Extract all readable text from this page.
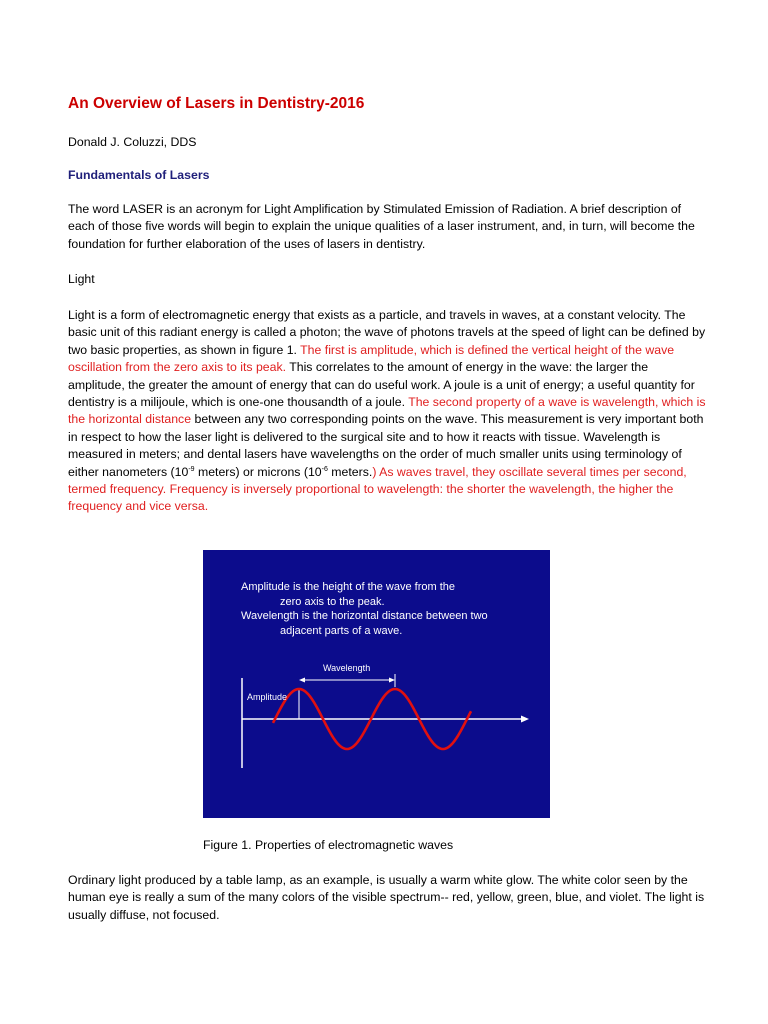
An Overview of Lasers in Dentistry-2016
Donald J. Coluzzi, DDS
Fundamentals of Lasers
The word LASER is an acronym for Light Amplification by Stimulated Emission of Radiation. A brief description of each of those five words will begin to explain the unique qualities of a laser instrument, and, in turn, will become the foundation for further elaboration of the uses of lasers in dentistry.
Light
Light is a form of electromagnetic energy that exists as a particle, and travels in waves, at a constant velocity. The basic unit of this radiant energy is called a photon; the wave of photons travels at the speed of light can be defined by two basic properties, as shown in figure 1. The first is amplitude, which is defined the vertical height of the wave oscillation from the zero axis to its peak. This correlates to the amount of energy in the wave: the larger the amplitude, the greater the amount of energy that can do useful work. A joule is a unit of energy; a useful quantity for dentistry is a milijoule, which is one-one thousandth of a joule. The second property of a wave is wavelength, which is the horizontal distance between any two corresponding points on the wave. This measurement is very important both in respect to how the laser light is delivered to the surgical site and to how it reacts with tissue. Wavelength is measured in meters; and dental lasers have wavelengths on the order of much smaller units using terminology of either nanometers ($10^{-9}$ meters) or microns ($10^{-6}$ meters.) As waves travel, they oscillate several times per second, termed frequency. Frequency is inversely proportional to wavelength: the shorter the wavelength, the higher the frequency and vice versa.
Amplitude is the height of the wave from the
zero axis to the peak.
Wavelength is the horizontal distance between two
adjacent parts of a wave.
Wavelength
Amplitude
Figure 1. Properties of electromagnetic waves
Ordinary light produced by a table lamp, as an example, is usually a warm white glow. The white color seen by the human eye is really a sum of the many colors of the visible spectrum-- red, yellow, green, blue, and violet. The light is usually diffuse, not focused.
